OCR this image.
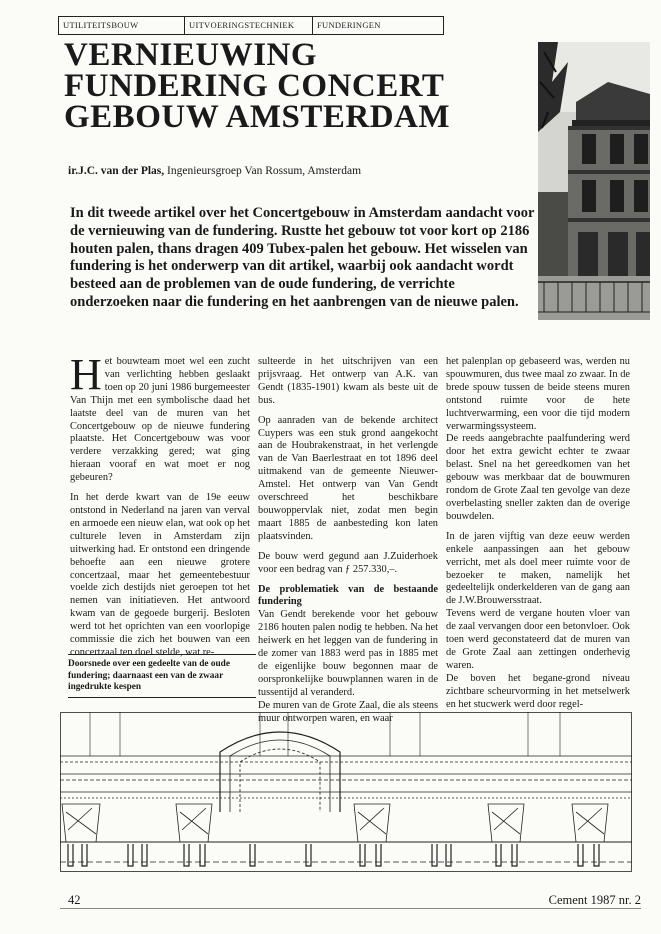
UTILITEITSBOUW	UITVOERINGSTECHNIEK	FUNDERINGEN
VERNIEUWING
FUNDERING CONCERT
GEBOUW AMSTERDAM
ir.J.C. van der Plas, Ingenieursgroep Van Rossum, Amsterdam

In dit tweede artikel over het Concertgebouw in Amsterdam aandacht voor de vernieuwing van de fundering. Rustte het gebouw tot voor kort op 2186 houten palen, thans dragen 409 Tubex-palen het gebouw. Het wisselen van fundering is het onderwerp van dit artikel, waarbij ook aandacht wordt besteed aan de problemen van de oude fundering, de verrichte onderzoeken naar die fundering en het aanbrengen van de nieuwe palen.

Het bouwteam moet wel een zucht van verlichting hebben geslaakt toen op 20 juni 1986 burgemeester Van Thijn met een symbolische daad het laatste deel van de muren van het Concertgebouw op de nieuwe fundering plaatste. Het Concertgebouw was voor verdere verzakking gered; wat ging hieraan vooraf en wat moet er nog gebeuren?

In het derde kwart van de 19e eeuw ontstond in Nederland na jaren van verval en armoede een nieuw elan, wat ook op het culturele leven in Amsterdam zijn uitwerking had. Er ontstond een dringende behoefte aan een nieuwe grotere concertzaal, maar het gemeentebestuur voelde zich destijds niet geroepen tot het nemen van initiatieven. Het antwoord kwam van de gegoede burgerij. Besloten werd tot het oprichten van een voorlopige commissie die zich het bouwen van een concertzaal ten doel stelde, wat re-

sulteerde in het uitschrijven van een prijsvraag. Het ontwerp van A.K. van Gendt (1835-1901) kwam als beste uit de bus.

Op aanraden van de bekende architect Cuypers was een stuk grond aangekocht aan de Houbrakenstraat, in het verlengde van de Van Baerlestraat en tot 1896 deel uitmakend van de gemeente Nieuwer-Amstel. Het ontwerp van Van Gendt overschreed het beschikbare bouwoppervlak niet, zodat men begin maart 1885 de aanbesteding kon laten plaatsvinden.

De bouw werd gegund aan J.Zuiderhoek voor een bedrag van ƒ 257.330,–.

De problematiek van de bestaande fundering

Van Gendt berekende voor het gebouw 2186 houten palen nodig te hebben. Na het heiwerk en het leggen van de fundering in de zomer van 1883 werd pas in 1885 met de eigenlijke bouw begonnen maar de oorspronkelijke bouwplannen waren in de tussentijd al veranderd.

De muren van de Grote Zaal, die als steens muur ontworpen waren, en waar

het palenplan op gebaseerd was, werden nu spouwmuren, dus twee maal zo zwaar. In de brede spouw tussen de beide steens muren ontstond ruimte voor de hete luchtverwarming, een voor die tijd modern verwarmingssysteem.

De reeds aangebrachte paalfundering werd door het extra gewicht echter te zwaar belast. Snel na het gereedkomen van het gebouw was merkbaar dat de bouwmuren rondom de Grote Zaal ten gevolge van deze overbelasting sneller zakten dan de overige bouwdelen.

In de jaren vijftig van deze eeuw werden enkele aanpassingen aan het gebouw verricht, met als doel meer ruimte voor de bezoeker te maken, namelijk het gedeeltelijk onderkelderen van de gang aan de J.W.Brouwersstraat.

Tevens werd de vergane houten vloer van de zaal vervangen door een betonvloer. Ook toen werd geconstateerd dat de muren van de Grote Zaal aan zettingen onderhevig waren.

De boven het begane-grond niveau zichtbare scheurvorming in het metselwerk en het stucwerk werd door regel-

Doorsnede over een gedeelte van de oude fundering; daarnaast een van de zwaar ingedrukte kespen
42	Cement 1987 nr. 2
